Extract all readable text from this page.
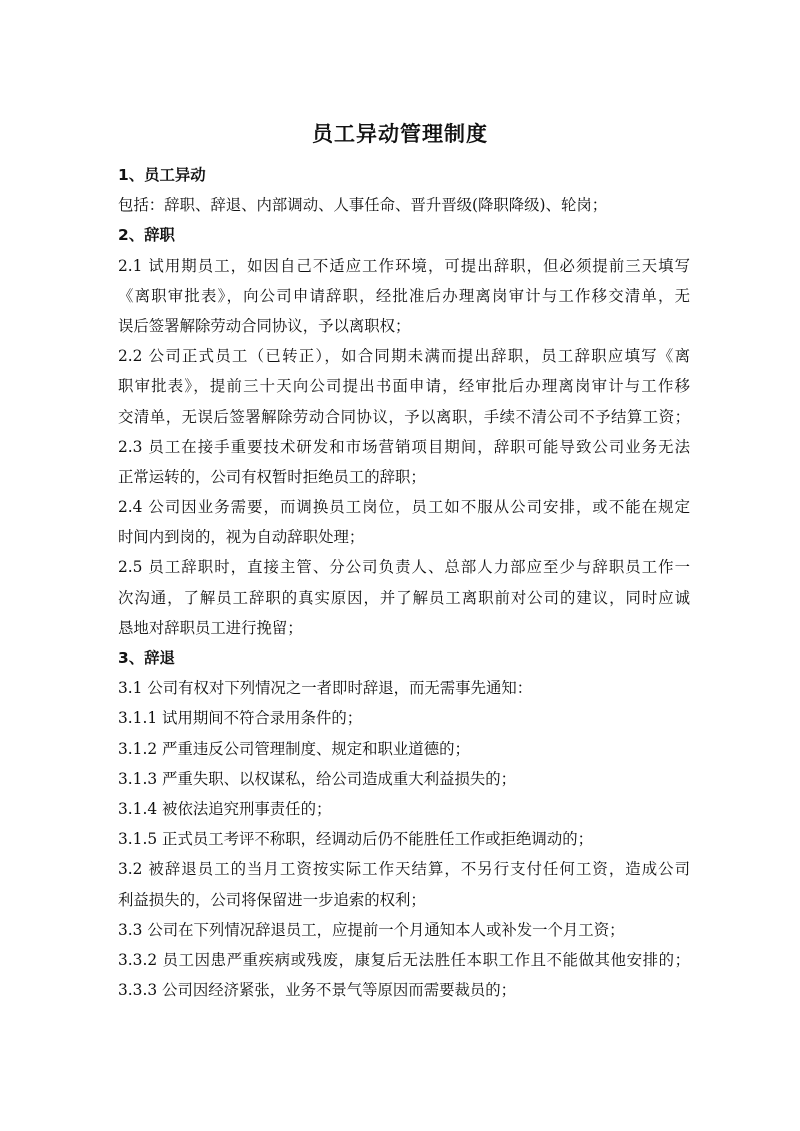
员工异动管理制度
1、员工异动
包括：辞职、辞退、内部调动、人事任命、晋升晋级(降职降级)、轮岗；
2、辞职
2.1 试用期员工，如因自己不适应工作环境，可提出辞职，但必须提前三天填写
《离职审批表》，向公司申请辞职，经批准后办理离岗审计与工作移交清单，无
误后签署解除劳动合同协议，予以离职权；
2.2 公司正式员工（已转正），如合同期未满而提出辞职，员工辞职应填写《离
职审批表》，提前三十天向公司提出书面申请，经审批后办理离岗审计与工作移
交清单，无误后签署解除劳动合同协议，予以离职，手续不清公司不予结算工资；
2.3 员工在接手重要技术研发和市场营销项目期间，辞职可能导致公司业务无法
正常运转的，公司有权暂时拒绝员工的辞职；
2.4 公司因业务需要，而调换员工岗位，员工如不服从公司安排，或不能在规定
时间内到岗的，视为自动辞职处理；
2.5 员工辞职时，直接主管、分公司负责人、总部人力部应至少与辞职员工作一
次沟通，了解员工辞职的真实原因，并了解员工离职前对公司的建议，同时应诚
恳地对辞职员工进行挽留；
3、辞退
3.1 公司有权对下列情况之一者即时辞退，而无需事先通知：
3.1.1 试用期间不符合录用条件的；
3.1.2 严重违反公司管理制度、规定和职业道德的；
3.1.3 严重失职、以权谋私，给公司造成重大利益损失的；
3.1.4 被依法追究刑事责任的；
3.1.5 正式员工考评不称职，经调动后仍不能胜任工作或拒绝调动的；
3.2 被辞退员工的当月工资按实际工作天结算，不另行支付任何工资，造成公司
利益损失的，公司将保留进一步追索的权利；
3.3 公司在下列情况辞退员工，应提前一个月通知本人或补发一个月工资；
3.3.2 员工因患严重疾病或残废，康复后无法胜任本职工作且不能做其他安排的；
3.3.3 公司因经济紧张，业务不景气等原因而需要裁员的；
